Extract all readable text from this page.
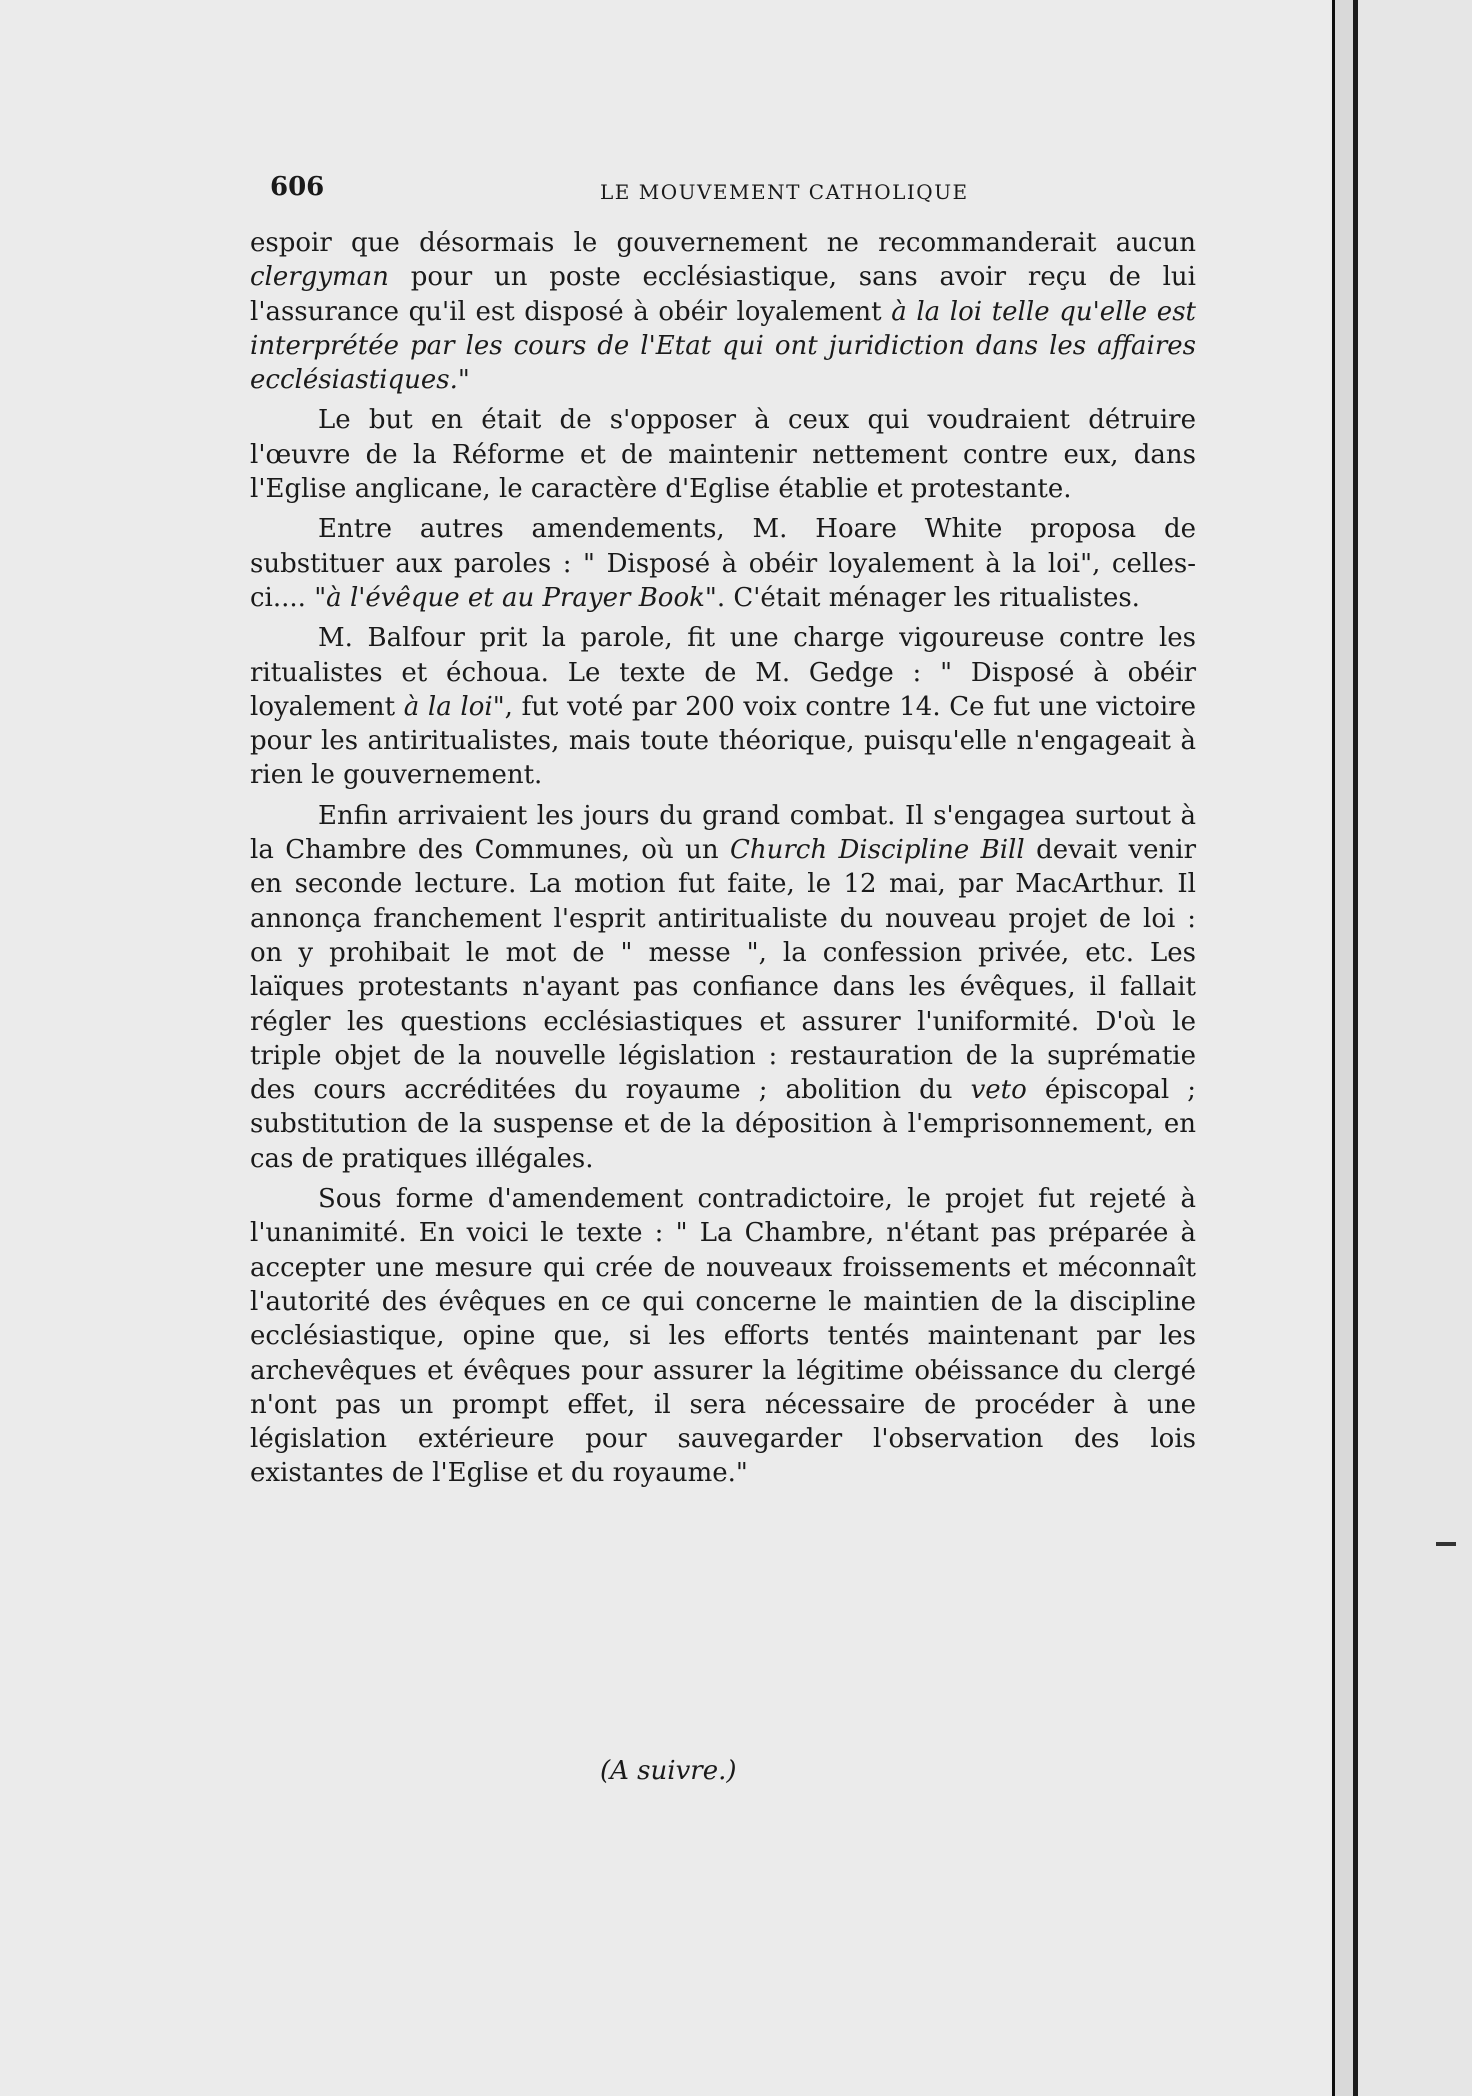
606	LE MOUVEMENT CATHOLIQUE

espoir que désormais le gouvernement ne recommanderait aucun clergyman pour un poste ecclésiastique, sans avoir reçu de lui l'assurance qu'il est disposé à obéir loyalement à la loi telle qu'elle est interprétée par les cours de l'Etat qui ont juridiction dans les affaires ecclésiastiques."

Le but en était de s'opposer à ceux qui voudraient détruire l'œuvre de la Réforme et de maintenir nettement contre eux, dans l'Eglise anglicane, le caractère d'Eglise établie et protestante.

Entre autres amendements, M. Hoare White proposa de substituer aux paroles : " Disposé à obéir loyalement à la loi", celles-ci.... "à l'évêque et au Prayer Book". C'était ménager les ritualistes.

M. Balfour prit la parole, fit une charge vigoureuse contre les ritualistes et échoua. Le texte de M. Gedge : " Disposé à obéir loyalement à la loi", fut voté par 200 voix contre 14. Ce fut une victoire pour les antiritualistes, mais toute théorique, puisqu'elle n'engageait à rien le gouvernement.

Enfin arrivaient les jours du grand combat. Il s'engagea surtout à la Chambre des Communes, où un Church Discipline Bill devait venir en seconde lecture. La motion fut faite, le 12 mai, par MacArthur. Il annonça franchement l'esprit antiritualiste du nouveau projet de loi : on y prohibait le mot de " messe ", la confession privée, etc. Les laïques protestants n'ayant pas confiance dans les évêques, il fallait régler les questions ecclésiastiques et assurer l'uniformité. D'où le triple objet de la nouvelle législation : restauration de la suprématie des cours accréditées du royaume ; abolition du veto épiscopal ; substitution de la suspense et de la déposition à l'emprisonnement, en cas de pratiques illégales.

Sous forme d'amendement contradictoire, le projet fut rejeté à l'unanimité. En voici le texte : " La Chambre, n'étant pas préparée à accepter une mesure qui crée de nouveaux froissements et méconnaît l'autorité des évêques en ce qui concerne le maintien de la discipline ecclésiastique, opine que, si les efforts tentés maintenant par les archevêques et évêques pour assurer la légitime obéissance du clergé n'ont pas un prompt effet, il sera nécessaire de procéder à une législation extérieure pour sauvegarder l'observation des lois existantes de l'Eglise et du royaume."

(A suivre.)
